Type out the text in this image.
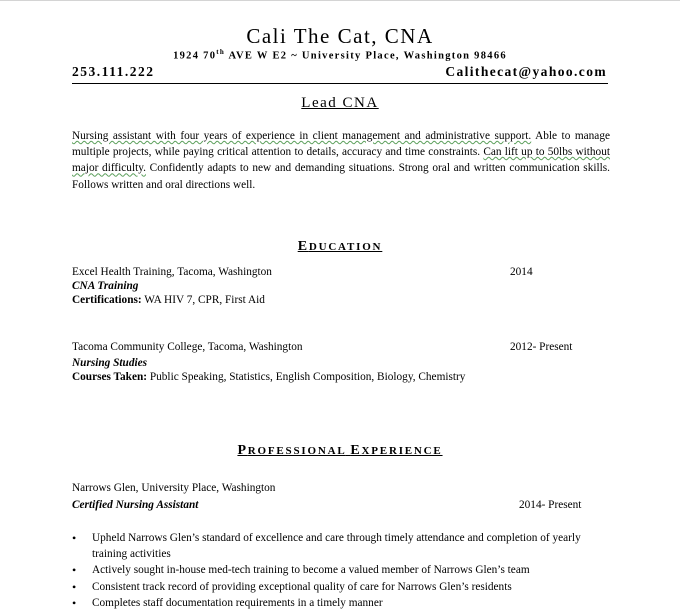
Cali The Cat, CNA
1924 70th AVE W E2 ~ University Place, Washington 98466
253.111.222	Calithecat@yahoo.com
Lead CNA
Nursing assistant with four years of experience in client management and administrative support. Able to manage multiple projects, while paying critical attention to details, accuracy and time constraints. Can lift up to 50lbs without major difficulty. Confidently adapts to new and demanding situations. Strong oral and written communication skills. Follows written and oral directions well.
EDUCATION
Excel Health Training, Tacoma, Washington	2014
CNA Training
Certifications: WA HIV 7, CPR, First Aid
Tacoma Community College, Tacoma, Washington	2012- Present
Nursing Studies
Courses Taken: Public Speaking, Statistics, English Composition, Biology, Chemistry
PROFESSIONAL EXPERIENCE
Narrows Glen, University Place, Washington
Certified Nursing Assistant	2014- Present
• Upheld Narrows Glen’s standard of excellence and care through timely attendance and completion of yearly training activities
• Actively sought in-house med-tech training to become a valued member of Narrows Glen’s team
• Consistent track record of providing exceptional quality of care for Narrows Glen’s residents
• Completes staff documentation requirements in a timely manner
